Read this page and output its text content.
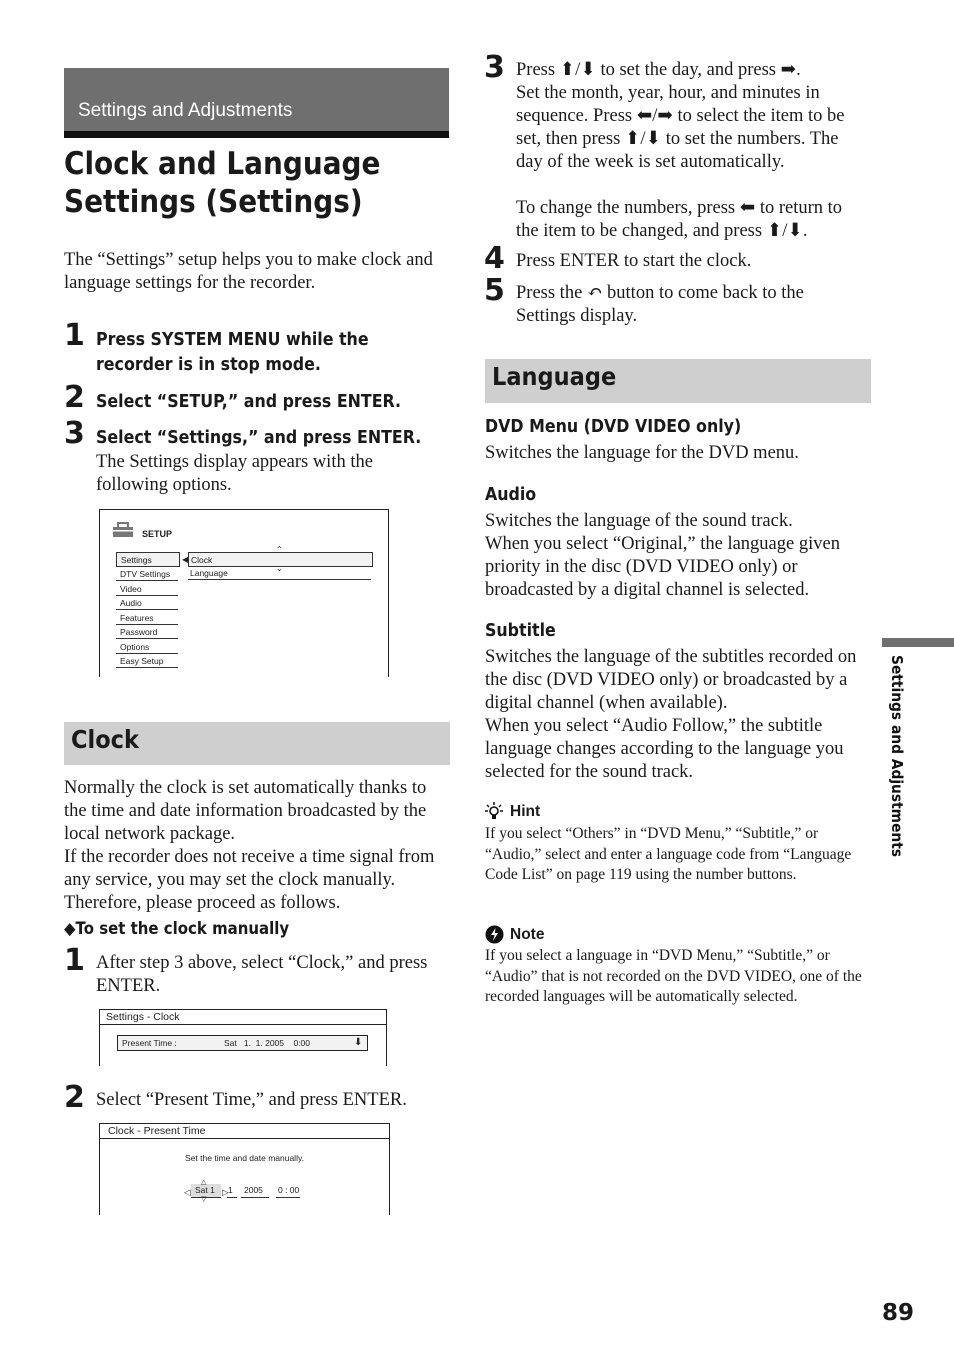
Settings and Adjustments
Clock and Language Settings (Settings)
The “Settings” setup helps you to make clock and language settings for the recorder.
1 Press SYSTEM MENU while the recorder is in stop mode.
2 Select “SETUP,” and press ENTER.
3 Select “Settings,” and press ENTER.
The Settings display appears with the following options.
SETUP
Settings
DTV Settings
Video
Audio
Features
Password
Options
Easy Setup
◀ Clock
Language
⌃
⌄
Clock
Normally the clock is set automatically thanks to the time and date information broadcasted by the local network package.
If the recorder does not receive a time signal from any service, you may set the clock manually. Therefore, please proceed as follows.
◆To set the clock manually
1 After step 3 above, select “Clock,” and press ENTER.
Settings - Clock
Present Time :	Sat   1.  1. 2005    0:00	⬇
2 Select “Present Time,” and press ENTER.
Clock - Present Time
Set the time and date manually.
◁ Sat 1
△
▽
▷ 1 2005 0 : 00
3 Press ⬆/⬇ to set the day, and press ➡.
Set the month, year, hour, and minutes in
sequence. Press ⬅/➡ to select the item to be
set, then press ⬆/⬇ to set the numbers. The
day of the week is set automatically.
To change the numbers, press ⬅ to return to
the item to be changed, and press ⬆/⬇.
4 Press ENTER to start the clock.
5 Press the ↶ button to come back to the
Settings display.
Language
DVD Menu (DVD VIDEO only)
Switches the language for the DVD menu.
Audio
Switches the language of the sound track.
When you select “Original,” the language given priority in the disc (DVD VIDEO only) or broadcasted by a digital channel is selected.
Subtitle
Switches the language of the subtitles recorded on the disc (DVD VIDEO only) or broadcasted by a digital channel (when available).
When you select “Audio Follow,” the subtitle language changes according to the language you selected for the sound track.
Hint
If you select “Others” in “DVD Menu,” “Subtitle,” or “Audio,” select and enter a language code from “Language Code List” on page 119 using the number buttons.
Note
If you select a language in “DVD Menu,” “Subtitle,” or “Audio” that is not recorded on the DVD VIDEO, one of the recorded languages will be automatically selected.
Settings and Adjustments
89
